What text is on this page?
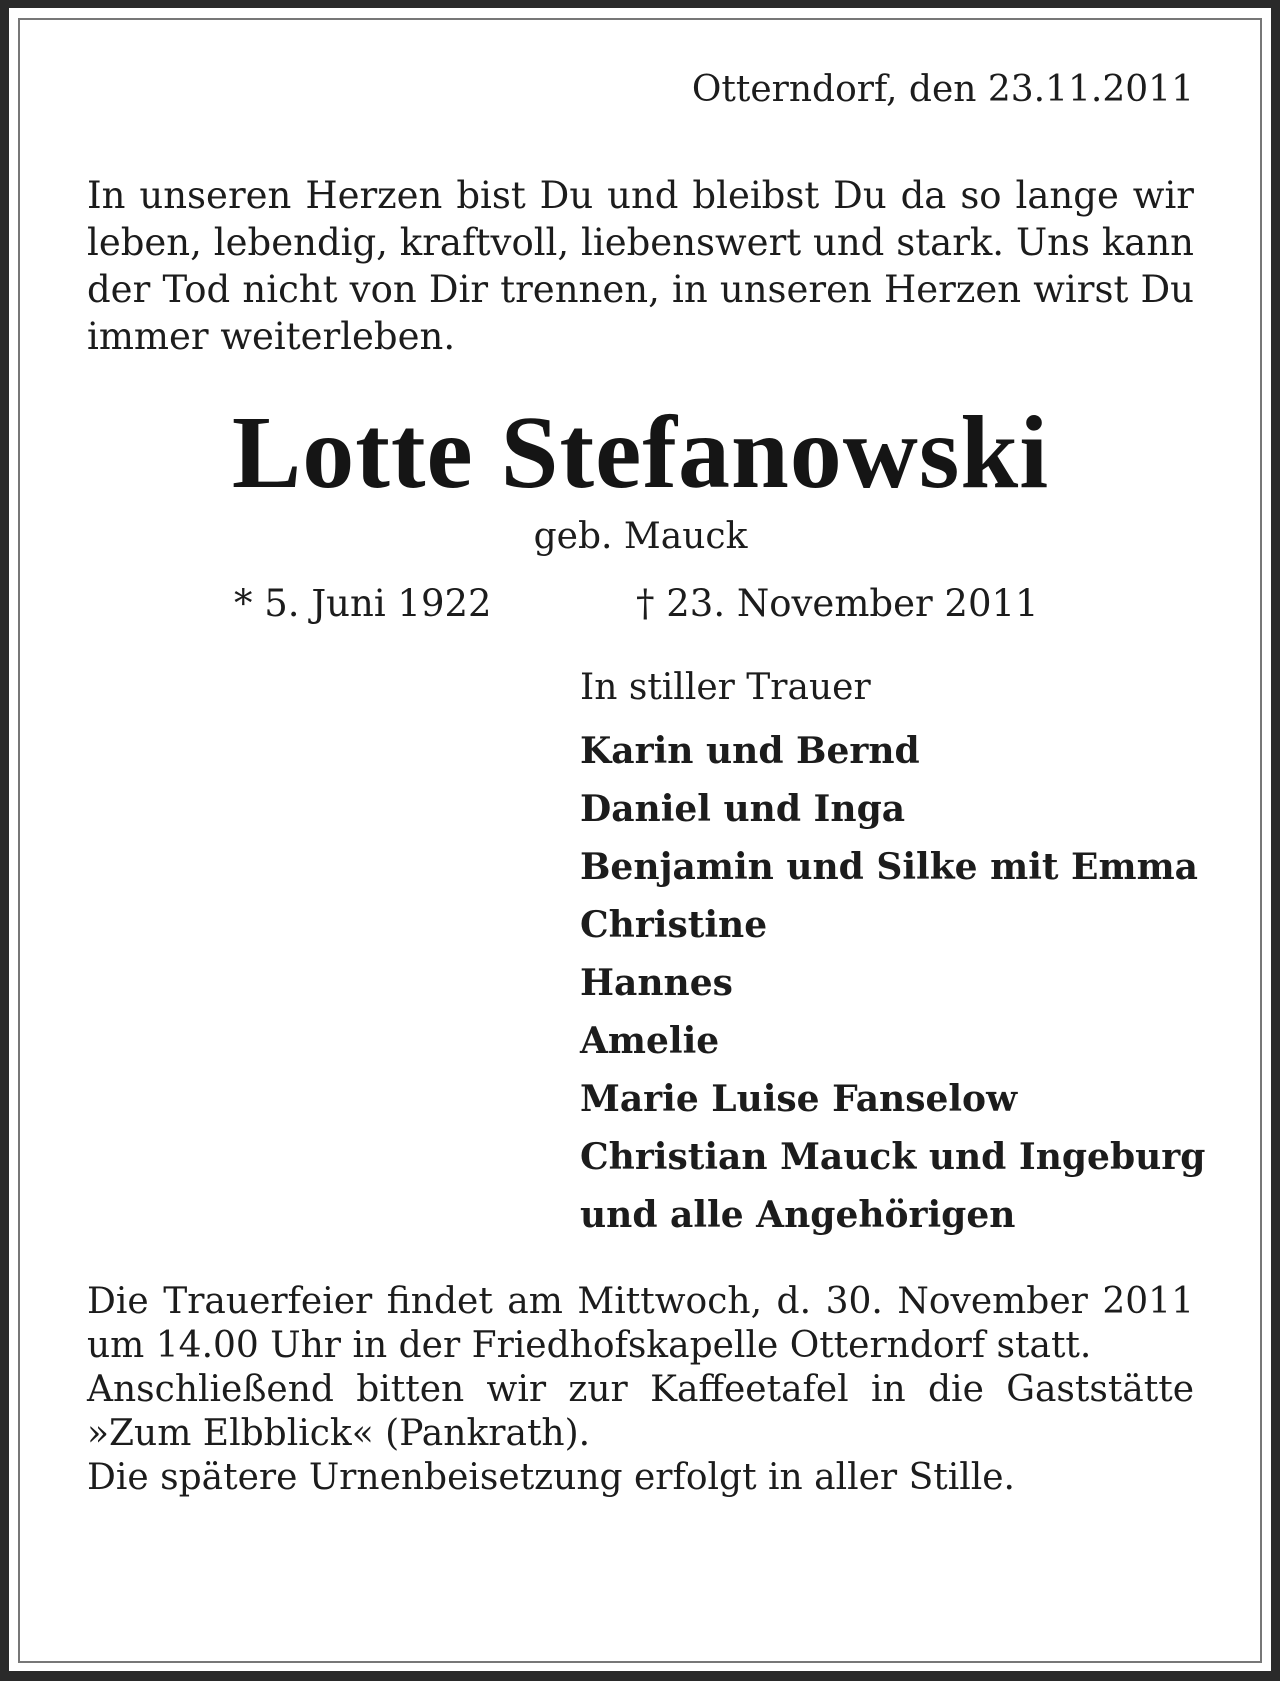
Otterndorf, den 23.11.2011

In unseren Herzen bist Du und bleibst Du da so lange wir leben, lebendig, kraftvoll, liebenswert und stark. Uns kann der Tod nicht von Dir trennen, in unseren Herzen wirst Du immer weiterleben.

Lotte Stefanowski

geb. Mauck

* 5. Juni 1922	† 23. November 2011

In stiller Trauer

Karin und Bernd
Daniel und Inga
Benjamin und Silke mit Emma
Christine
Hannes
Amelie
Marie Luise Fanselow
Christian Mauck und Ingeburg
und alle Angehörigen

Die Trauerfeier findet am Mittwoch, d. 30. November 2011 um 14.00 Uhr in der Friedhofskapelle Otterndorf statt.

Anschließend bitten wir zur Kaffeetafel in die Gaststätte »Zum Elbblick« (Pankrath).

Die spätere Urnenbeisetzung erfolgt in aller Stille.
